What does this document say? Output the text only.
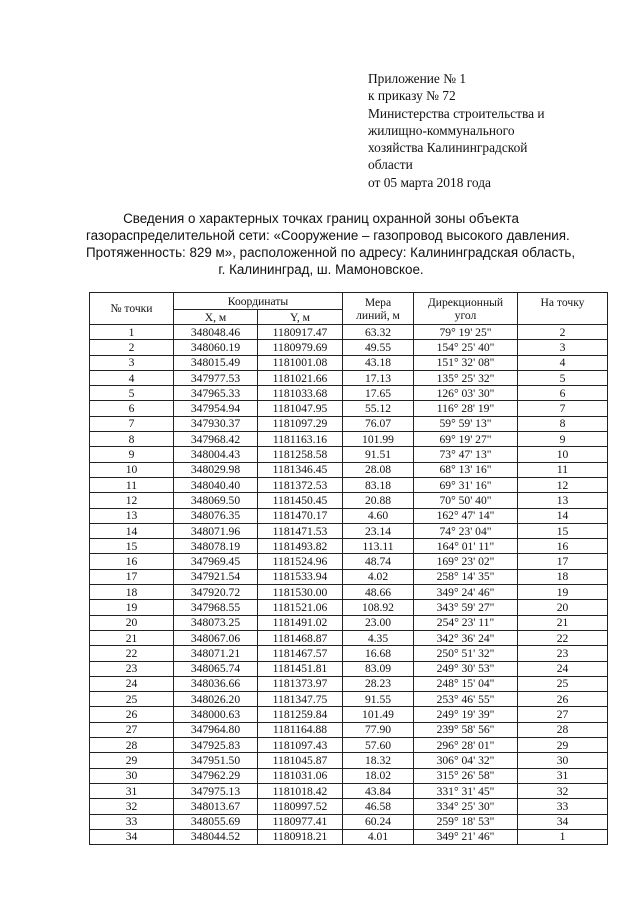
Приложение № 1
к приказу № 72
Министерства строительства и
жилищно-коммунального
хозяйства Калининградской
области
от 05 марта 2018 года
Сведения о характерных точках границ охранной зоны объекта
газораспределительной сети: «Сооружение – газопровод высокого давления.
Протяженность: 829 м», расположенной по адресу: Калининградская область,
г. Калининград, ш. Мамоновское.
№ точки	Координаты		Мера линий, м	Дирекционный угол	На точку
	X, м	Y, м			
1	348048.46	1180917.47	63.32	79° 19' 25"	2
2	348060.19	1180979.69	49.55	154° 25' 40"	3
3	348015.49	1181001.08	43.18	151° 32' 08"	4
4	347977.53	1181021.66	17.13	135° 25' 32"	5
5	347965.33	1181033.68	17.65	126° 03' 30"	6
6	347954.94	1181047.95	55.12	116° 28' 19"	7
7	347930.37	1181097.29	76.07	59° 59' 13"	8
8	347968.42	1181163.16	101.99	69° 19' 27"	9
9	348004.43	1181258.58	91.51	73° 47' 13"	10
10	348029.98	1181346.45	28.08	68° 13' 16"	11
11	348040.40	1181372.53	83.18	69° 31' 16"	12
12	348069.50	1181450.45	20.88	70° 50' 40"	13
13	348076.35	1181470.17	4.60	162° 47' 14"	14
14	348071.96	1181471.53	23.14	74° 23' 04"	15
15	348078.19	1181493.82	113.11	164° 01' 11"	16
16	347969.45	1181524.96	48.74	169° 23' 02"	17
17	347921.54	1181533.94	4.02	258° 14' 35"	18
18	347920.72	1181530.00	48.66	349° 24' 46"	19
19	347968.55	1181521.06	108.92	343° 59' 27"	20
20	348073.25	1181491.02	23.00	254° 23' 11"	21
21	348067.06	1181468.87	4.35	342° 36' 24"	22
22	348071.21	1181467.57	16.68	250° 51' 32"	23
23	348065.74	1181451.81	83.09	249° 30' 53"	24
24	348036.66	1181373.97	28.23	248° 15' 04"	25
25	348026.20	1181347.75	91.55	253° 46' 55"	26
26	348000.63	1181259.84	101.49	249° 19' 39"	27
27	347964.80	1181164.88	77.90	239° 58' 56"	28
28	347925.83	1181097.43	57.60	296° 28' 01"	29
29	347951.50	1181045.87	18.32	306° 04' 32"	30
30	347962.29	1181031.06	18.02	315° 26' 58"	31
31	347975.13	1181018.42	43.84	331° 31' 45"	32
32	348013.67	1180997.52	46.58	334° 25' 30"	33
33	348055.69	1180977.41	60.24	259° 18' 53"	34
34	348044.52	1180918.21	4.01	349° 21' 46"	1
